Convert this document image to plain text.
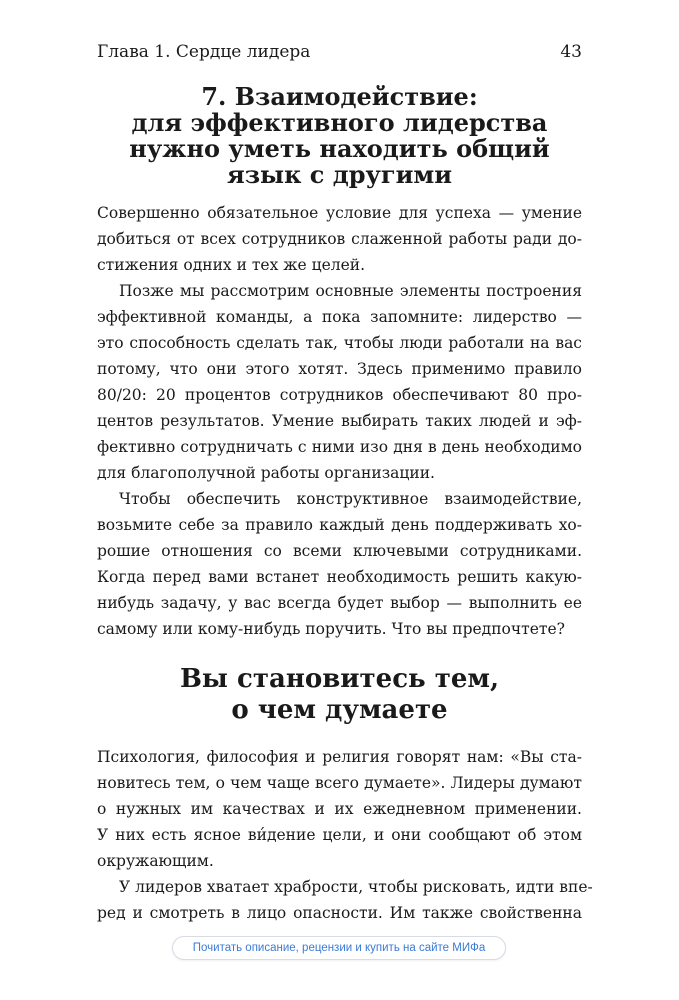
Глава 1. Сердце лидера	43
7. Взаимодействие:
для эффективного лидерства
нужно уметь находить общий
язык с другими

Совершенно обязательное условие для успеха — умение
добиться от всех сотрудников слаженной работы ради до-
стижения одних и тех же целей.

Позже мы рассмотрим основные элементы построения
эффективной команды, а пока запомните: лидерство —
это способность сделать так, чтобы люди работали на вас
потому, что они этого хотят. Здесь применимо правило
80/20: 20 процентов сотрудников обеспечивают 80 про-
центов результатов. Умение выбирать таких людей и эф-
фективно сотрудничать с ними изо дня в день необходимо
для благополучной работы организации.

Чтобы обеспечить конструктивное взаимодействие,
возьмите себе за правило каждый день поддерживать хо-
рошие отношения со всеми ключевыми сотрудниками.
Когда перед вами встанет необходимость решить какую-
нибудь задачу, у вас всегда будет выбор — выполнить ее
самому или кому-нибудь поручить. Что вы предпочтете?

Вы становитесь тем,
о чем думаете

Психология, философия и религия говорят нам: «Вы ста-
новитесь тем, о чем чаще всего думаете». Лидеры думают
о нужных им качествах и их ежедневном применении.
У них есть ясное ви́дение цели, и они сообщают об этом
окружающим.

У лидеров хватает храбрости, чтобы рисковать, идти впе-
ред и смотреть в лицо опасности. Им также свойственна

Почитать описание, рецензии и купить на сайте МИФа
